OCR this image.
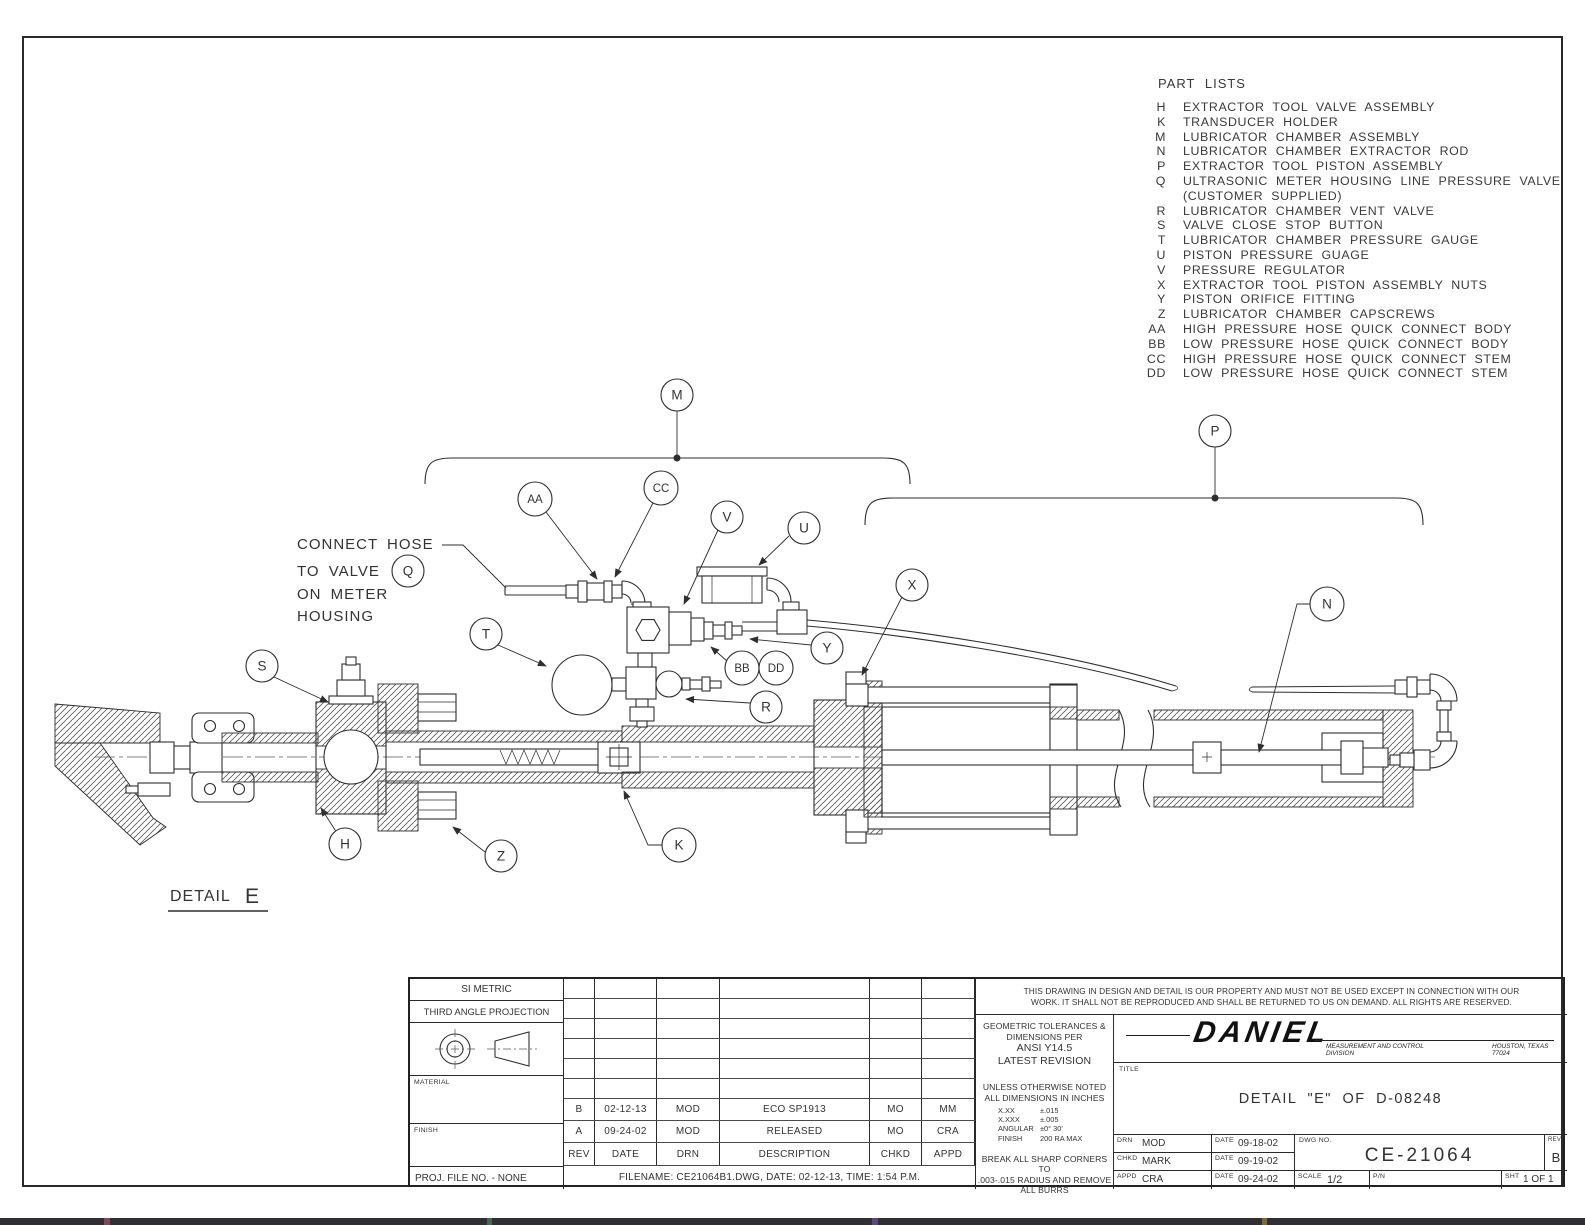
PART LISTS
H	EXTRACTOR TOOL VALVE ASSEMBLY
K	TRANSDUCER HOLDER
M	LUBRICATOR CHAMBER ASSEMBLY
N	LUBRICATOR CHAMBER EXTRACTOR ROD
P	EXTRACTOR TOOL PISTON ASSEMBLY
Q	ULTRASONIC METER HOUSING LINE PRESSURE VALVE
(CUSTOMER SUPPLIED)
R	LUBRICATOR CHAMBER VENT VALVE
S	VALVE CLOSE STOP BUTTON
T	LUBRICATOR CHAMBER PRESSURE GAUGE
U	PISTON PRESSURE GUAGE
V	PRESSURE REGULATOR
X	EXTRACTOR TOOL PISTON ASSEMBLY NUTS
Y	PISTON ORIFICE FITTING
Z	LUBRICATOR CHAMBER CAPSCREWS
AA	HIGH PRESSURE HOSE QUICK CONNECT BODY
BB	LOW PRESSURE HOSE QUICK CONNECT BODY
CC	HIGH PRESSURE HOSE QUICK CONNECT STEM
DD	LOW PRESSURE HOSE QUICK CONNECT STEM
CONNECT HOSE
TO VALVE
ON METER
HOUSING
DETAIL E
M
P
Q
AA
CC
V
U
T
X
Y
BB DD
R
S
H
Z
K
N
SI METRIC
THIRD ANGLE PROJECTION
MATERIAL
FINISH
PROJ. FILE NO. - NONE
B	02-12-13	MOD	ECO SP1913	MO	MM
A	09-24-02	MOD	RELEASED	MO	CRA
REV	DATE	DRN	DESCRIPTION	CHKD	APPD
FILENAME: CE21064B1.DWG, DATE: 02-12-13, TIME: 1:54 P.M.
THIS DRAWING IN DESIGN AND DETAIL IS OUR PROPERTY AND MUST NOT BE USED EXCEPT IN CONNECTION WITH OUR
WORK. IT SHALL NOT BE REPRODUCED AND SHALL BE RETURNED TO US ON DEMAND. ALL RIGHTS ARE RESERVED.
GEOMETRIC TOLERANCES &
DIMENSIONS PER
ANSI Y14.5
LATEST REVISION
UNLESS OTHERWISE NOTED
ALL DIMENSIONS IN INCHES
X.XX	±.015
X.XXX	±.005
ANGULAR ±0° 30'
FINISH 200 RA MAX
BREAK ALL SHARP CORNERS TO
.003-.015 RADIUS AND REMOVE
ALL BURRS
DANIEL
MEASUREMENT AND CONTROL
DIVISION
HOUSTON, TEXAS 77024
TITLE
DETAIL "E" OF D-08248
DRN MOD	DATE 09-18-02
CHKD MARK	DATE 09-19-02
APPD CRA	DATE 09-24-02
DWG NO.
CE-21064
REV
B
SCALE 1/2	P/N	SHT 1 OF 1
